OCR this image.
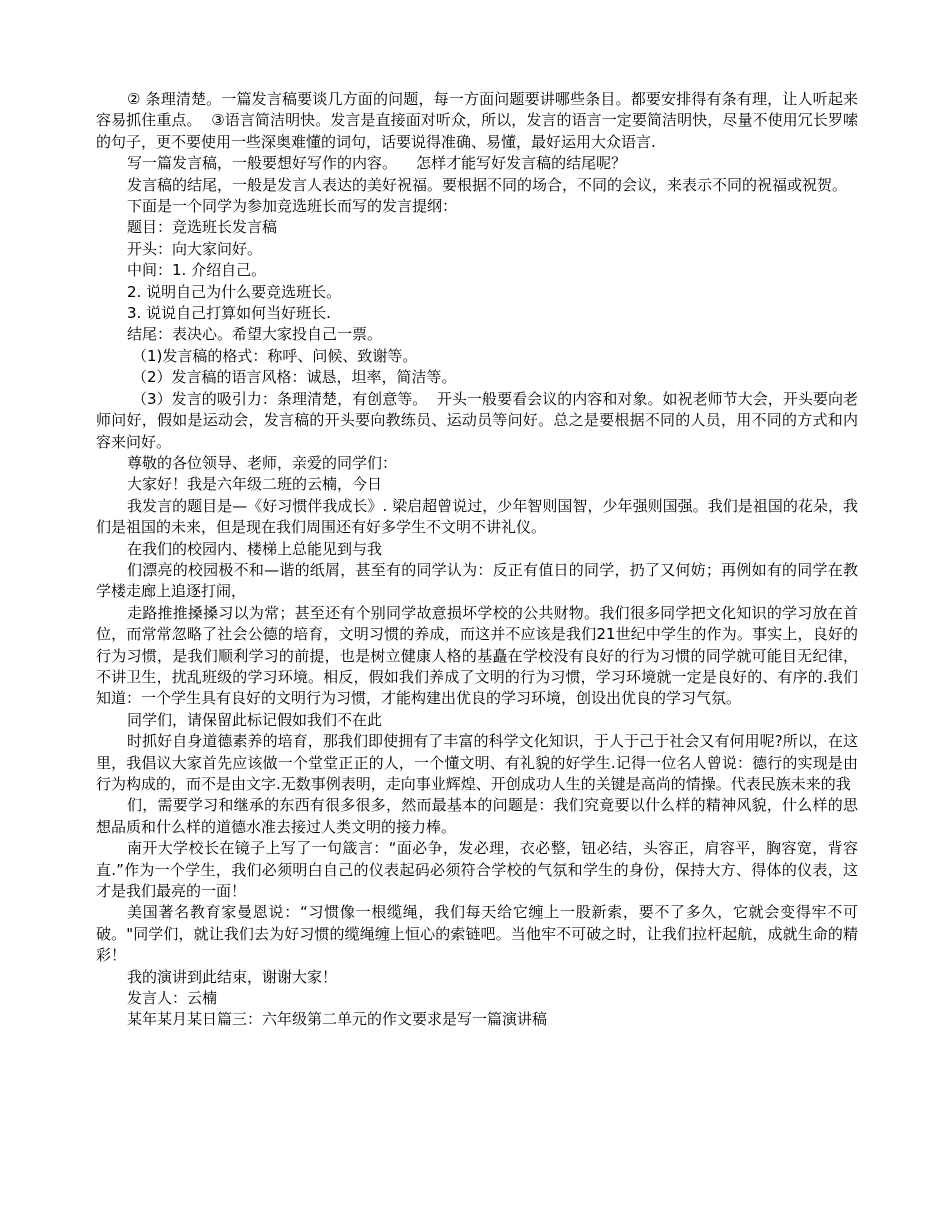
② 条理清楚。一篇发言稿要谈几方面的问题，每一方面问题要讲哪些条目。都要安排得有条有理，让人听起来容易抓住重点。  ③语言简洁明快。发言是直接面对听众，所以，发言的语言一定要简洁明快，尽量不使用冗长罗嗦的句子，更不要使用一些深奥难懂的词句，话要说得准确、易懂，最好运用大众语言.

写一篇发言稿，一般要想好写作的内容。    怎样才能写好发言稿的结尾呢？

发言稿的结尾，一般是发言人表达的美好祝福。要根据不同的场合，不同的会议，来表示不同的祝福或祝贺。

下面是一个同学为参加竞选班长而写的发言提纲：

题目：竞选班长发言稿

开头：向大家问好。

中间：1. 介绍自己。

2. 说明自己为什么要竞选班长。

3. 说说自己打算如何当好班长.

结尾：表决心。希望大家投自己一票。

（1)发言稿的格式：称呼、问候、致谢等。

（2）发言稿的语言风格：诚恳，坦率，简洁等。

（3）发言的吸引力：条理清楚，有创意等。  开头一般要看会议的内容和对象。如祝老师节大会，开头要向老师问好，假如是运动会，发言稿的开头要向教练员、运动员等问好。总之是要根据不同的人员，用不同的方式和内容来问好。

尊敬的各位领导、老师，亲爱的同学们：

大家好！我是六年级二班的云楠，今日

我发言的题目是—《好习惯伴我成长》. 梁启超曾说过，少年智则国智，少年强则国强。我们是祖国的花朵，我们是祖国的未来，但是现在我们周围还有好多学生不文明不讲礼仪。

在我们的校园内、楼梯上总能见到与我

们漂亮的校园极不和—谐的纸屑，甚至有的同学认为：反正有值日的同学，扔了又何妨；再例如有的同学在教学楼走廊上追逐打闹，

走路推推搡搡习以为常；甚至还有个别同学故意损坏学校的公共财物。我们很多同学把文化知识的学习放在首位，而常常忽略了社会公德的培育，文明习惯的养成，而这并不应该是我们21世纪中学生的作为。事实上，良好的行为习惯，是我们顺利学习的前提，也是树立健康人格的基矗在学校没有良好的行为习惯的同学就可能目无纪律，不讲卫生，扰乱班级的学习环境。相反，假如我们养成了文明的行为习惯，学习环境就一定是良好的、有序的.我们知道：一个学生具有良好的文明行为习惯，才能构建出优良的学习环境，创设出优良的学习气氛。

同学们，请保留此标记假如我们不在此

时抓好自身道德素养的培育，那我们即使拥有了丰富的科学文化知识，于人于己于社会又有何用呢?所以，在这里，我倡议大家首先应该做一个堂堂正正的人，一个懂文明、有礼貌的好学生.记得一位名人曾说：德行的实现是由行为构成的，而不是由文字.无数事例表明，走向事业辉煌、开创成功人生的关键是高尚的情操。代表民族未来的我

们，需要学习和继承的东西有很多很多，然而最基本的问题是：我们究竟要以什么样的精神风貌，什么样的思想品质和什么样的道德水准去接过人类文明的接力棒。

南开大学校长在镜子上写了一句箴言：“面必争，发必理，衣必整，钮必结，头容正，肩容平，胸容宽，背容直.”作为一个学生，我们必须明白自己的仪表起码必须符合学校的气氛和学生的身份，保持大方、得体的仪表，这才是我们最亮的一面！

美国著名教育家曼恩说：“习惯像一根缆绳，我们每天给它缠上一股新索，要不了多久，它就会变得牢不可破。"同学们，就让我们去为好习惯的缆绳缠上恒心的索链吧。当他牢不可破之时，让我们拉杆起航，成就生命的精彩！

我的演讲到此结束，谢谢大家！

发言人：云楠

某年某月某日篇三：六年级第二单元的作文要求是写一篇演讲稿
